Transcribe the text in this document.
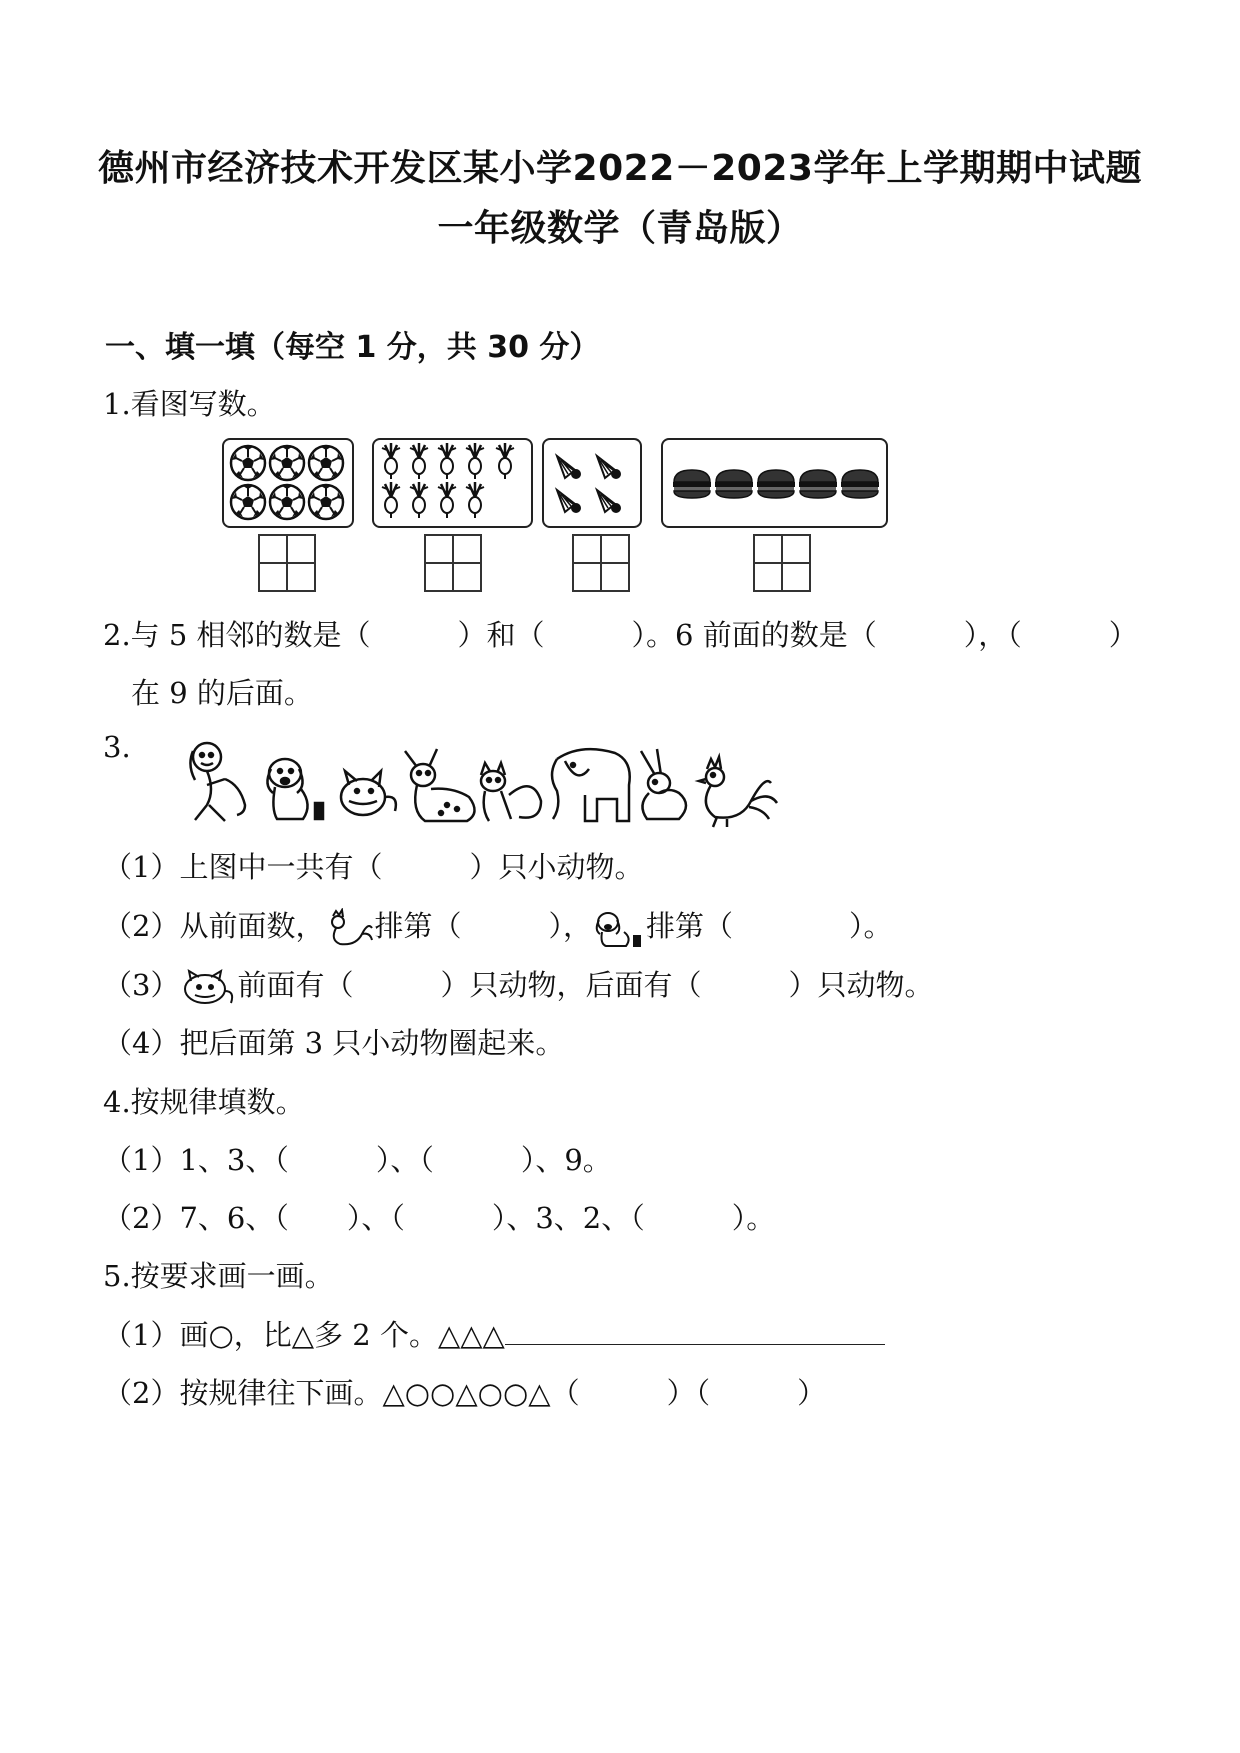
德州市经济技术开发区某小学2022－2023学年上学期期中试题
一年级数学（青岛版）
一、填一填（每空 1 分，共 30 分）
1.看图写数。
2.与 5 相邻的数是（　　　）和（　　　）。6 前面的数是（　　　），（　　　）
在 9 的后面。
3.
（1）上图中一共有（　　　）只小动物。
（2）从前面数， 排第（　　　）， 排第（　　　　）。
（3） 前面有（　　　）只动物，后面有（　　　）只动物。
（4）把后面第 3 只小动物圈起来。
4.按规律填数。
（1）1、3、（　　　）、（　　　）、9。
（2）7、6、（　　）、（　　　）、3、2、（　　　）。
5.按要求画一画。
（1）画○，比△多 2 个。△△△
（2）按规律往下画。△○○△○○△（　　　）（　　　）
